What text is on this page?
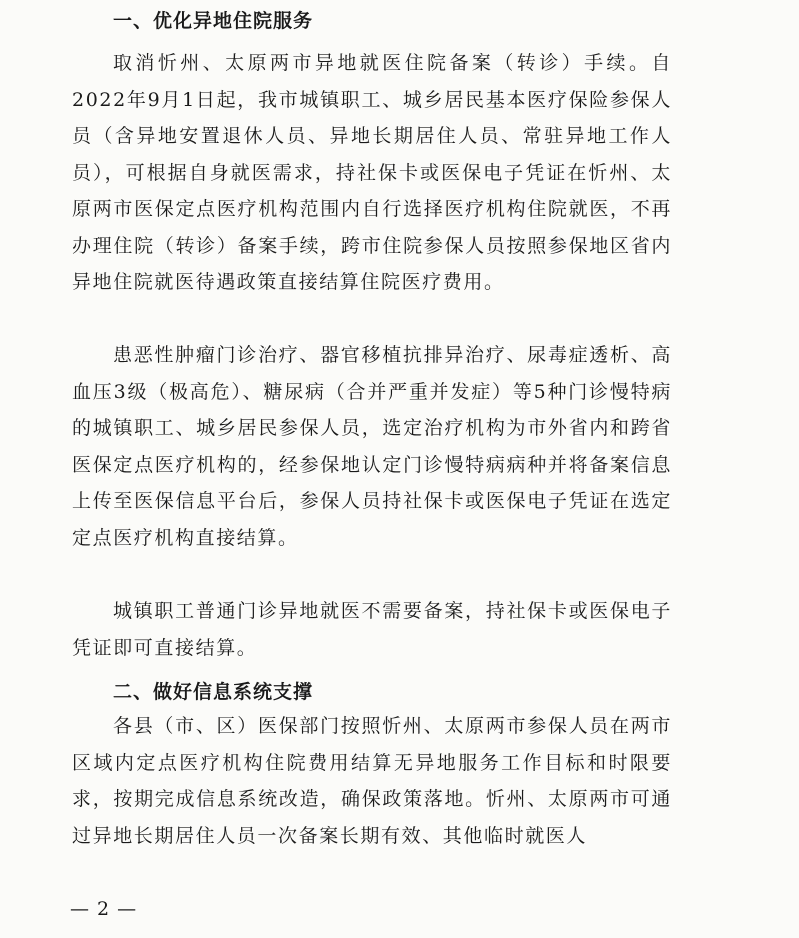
一、优化异地住院服务

取消忻州、太原两市异地就医住院备案（转诊）手续。自2022年9月1日起，我市城镇职工、城乡居民基本医疗保险参保人员（含异地安置退休人员、异地长期居住人员、常驻异地工作人员），可根据自身就医需求，持社保卡或医保电子凭证在忻州、太原两市医保定点医疗机构范围内自行选择医疗机构住院就医，不再办理住院（转诊）备案手续，跨市住院参保人员按照参保地区省内异地住院就医待遇政策直接结算住院医疗费用。

患恶性肿瘤门诊治疗、器官移植抗排异治疗、尿毒症透析、高血压3级（极高危）、糖尿病（合并严重并发症）等5种门诊慢特病的城镇职工、城乡居民参保人员，选定治疗机构为市外省内和跨省医保定点医疗机构的，经参保地认定门诊慢特病病种并将备案信息上传至医保信息平台后，参保人员持社保卡或医保电子凭证在选定定点医疗机构直接结算。

城镇职工普通门诊异地就医不需要备案，持社保卡或医保电子凭证即可直接结算。

二、做好信息系统支撑

各县（市、区）医保部门按照忻州、太原两市参保人员在两市区域内定点医疗机构住院费用结算无异地服务工作目标和时限要求，按期完成信息系统改造，确保政策落地。忻州、太原两市可通过异地长期居住人员一次备案长期有效、其他临时就医人

— 2 —
